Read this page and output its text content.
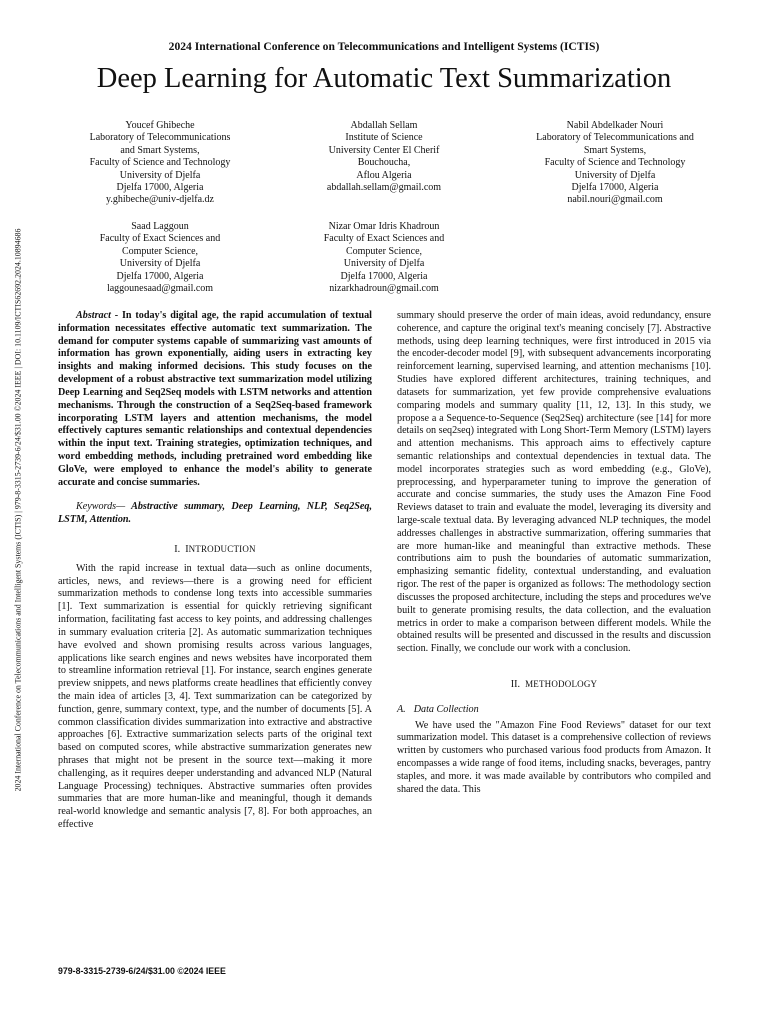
2024 International Conference on Telecommunications and Intelligent Systems (ICTIS)
Deep Learning for Automatic Text Summarization
Youcef Ghibeche
Laboratory of Telecommunications
and Smart Systems,
Faculty of Science and Technology
University of Djelfa
Djelfa 17000, Algeria
y.ghibeche@univ-djelfa.dz
Abdallah Sellam
Institute of Science
University Center El Cherif
Bouchoucha,
Aflou Algeria
abdallah.sellam@gmail.com
Nabil Abdelkader Nouri
Laboratory of Telecommunications and
Smart Systems,
Faculty of Science and Technology
University of Djelfa
Djelfa 17000, Algeria
nabil.nouri@gmail.com
Saad Laggoun
Faculty of Exact Sciences and
Computer Science,
University of Djelfa
Djelfa 17000, Algeria
laggounesaad@gmail.com
Nizar Omar Idris Khadroun
Faculty of Exact Sciences and
Computer Science,
University of Djelfa
Djelfa 17000, Algeria
nizarkhadroun@gmail.com
2024 International Conference on Telecommunications and Intelligent Systems (ICTIS) | 979-8-3315-2739-6/24/$31.00 ©2024 IEEE | DOI: 10.1109/ICTIS62692.2024.10894686	Abstract - In today's digital age, the rapid accumulation of textual information necessitates effective automatic text summarization. The demand for computer systems capable of summarizing vast amounts of information has grown exponentially, aiding users in extracting key insights and making informed decisions. This study focuses on the development of a robust abstractive text summarization model utilizing Deep Learning and Seq2Seq models with LSTM networks and attention mechanisms. Through the construction of a Seq2Seq-based framework incorporating LSTM layers and attention mechanisms, the model effectively captures semantic relationships and contextual dependencies within the input text. Training strategies, optimization techniques, and word embedding methods, including pretrained word embedding like GloVe, were employed to enhance the model's ability to generate accurate and concise summaries.
Keywords— Abstractive summary, Deep Learning, NLP, Seq2Seq, LSTM, Attention.
I. INTRODUCTION

With the rapid increase in textual data—such as online documents, articles, news, and reviews—there is a growing need for efficient summarization methods to condense long texts into accessible summaries [1]. Text summarization is essential for quickly retrieving significant information, facilitating fast access to key points, and addressing challenges in summary evaluation criteria [2]. As automatic summarization techniques have evolved and shown promising results across various languages, applications like search engines and news websites have incorporated them to streamline information retrieval [1]. For instance, search engines generate preview snippets, and news platforms create headlines that efficiently convey the main idea of articles [3, 4]. Text summarization can be categorized by function, genre, summary context, type, and the number of documents [5]. A common classification divides summarization into extractive and abstractive approaches [6]. Extractive summarization selects parts of the original text based on computed scores, while abstractive summarization generates new phrases that might not be present in the source text—making it more challenging, as it requires deeper understanding and advanced NLP (Natural Language Processing) techniques. Abstractive summaries often provides summaries that are more human-like and meaningful, though it demands real-world knowledge and semantic analysis [7, 8]. For both approaches, an effective

summary should preserve the order of main ideas, avoid redundancy, ensure coherence, and capture the original text's meaning concisely [7]. Abstractive methods, using deep learning techniques, were first introduced in 2015 via the encoder-decoder model [9], with subsequent advancements incorporating reinforcement learning, supervised learning, and attention mechanisms [10]. Studies have explored different architectures, training techniques, and datasets for summarization, yet few provide comprehensive evaluations comparing models and summary quality [11, 12, 13]. In this study, we propose a a Sequence-to-Sequence (Seq2Seq) architecture (see [14] for more details on seq2seq) integrated with Long Short-Term Memory (LSTM) layers and attention mechanisms. This approach aims to effectively capture semantic relationships and contextual dependencies in textual data. The model incorporates strategies such as word embedding (e.g., GloVe), preprocessing, and hyperparameter tuning to improve the generation of accurate and concise summaries, the study uses the Amazon Fine Food Reviews dataset to train and evaluate the model, leveraging its diversity and large-scale textual data. By leveraging advanced NLP techniques, the model addresses challenges in abstractive summarization, offering summaries that are more human-like and meaningful than extractive methods. These contributions aim to push the boundaries of automatic summarization, emphasizing semantic fidelity, contextual understanding, and evaluation rigor. The rest of the paper is organized as follows: The methodology section discusses the proposed architecture, including the steps and procedures we've built to generate promising results, the data collection, and the evaluation metrics in order to make a comparison between different models. While the obtained results will be presented and discussed in the results and discussion section. Finally, we conclude our work with a conclusion.

II. METHODOLOGY
A. Data Collection

We have used the "Amazon Fine Food Reviews" dataset for our text summarization model. This dataset is a comprehensive collection of reviews written by customers who purchased various food products from Amazon. It encompasses a wide range of food items, including snacks, beverages, pantry staples, and more. it was made available by contributors who compiled and shared the data. This

979-8-3315-2739-6/24/$31.00 ©2024 IEEE
